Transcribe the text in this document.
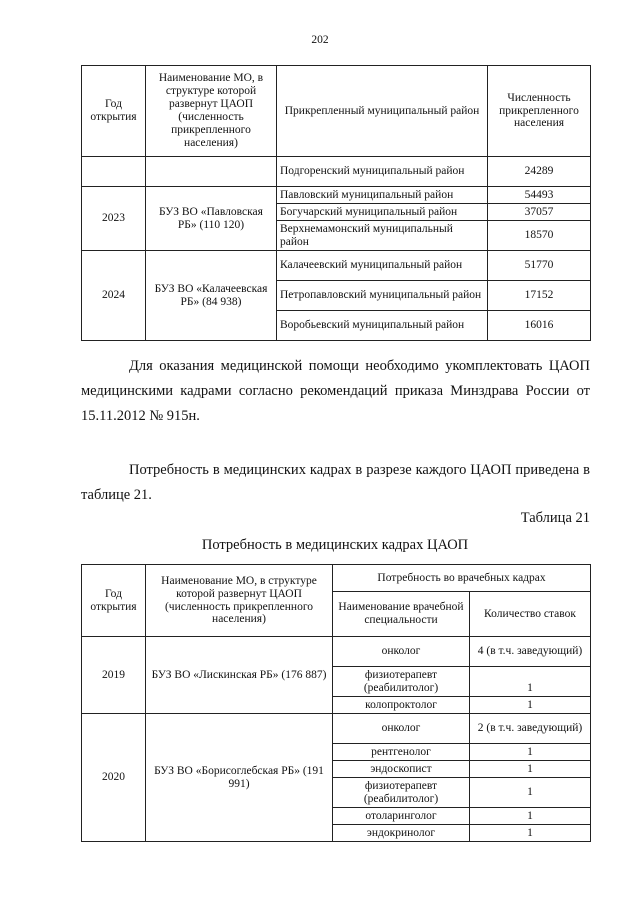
202
Год открытия	Наименование МО, в структуре которой развернут ЦАОП (численность прикрепленного населения)	Прикрепленный муниципальный район	Численность прикрепленного населения
		Подгоренский муниципальный район	24289
2023	БУЗ ВО «Павловская РБ» (110 120)	Павловский муниципальный район	54493
		Богучарский муниципальный район	37057
		Верхнемамонский муниципальный район	18570
2024	БУЗ ВО «Калачеевская РБ» (84 938)	Калачеевский муниципальный район	51770
		Петропавловский муниципальный район	17152
		Воробьевский муниципальный район	16016
Для оказания медицинской помощи необходимо укомплектовать ЦАОП медицинскими кадрами согласно рекомендаций приказа Минздрава России от 15.11.2012 № 915н.
Потребность в медицинских кадрах в разрезе каждого ЦАОП приведена в таблице 21.
Таблица 21
Потребность в медицинских кадрах ЦАОП
Год открытия	Наименование МО, в структуре которой развернут ЦАОП (численность прикрепленного населения)	Потребность во врачебных кадрах	
		Наименование врачебной специальности	Количество ставок
2019	БУЗ ВО «Лискинская РБ» (176 887)	онколог	4 (в т.ч. заведующий)
		физиотерапевт (реабилитолог)	1
		колопроктолог	1
2020	БУЗ ВО «Борисоглебская РБ» (191 991)	онколог	2 (в т.ч. заведующий)
		рентгенолог	1
		эндоскопист	1
		физиотерапевт (реабилитолог)	1
		отоларинголог	1
		эндокринолог	1
